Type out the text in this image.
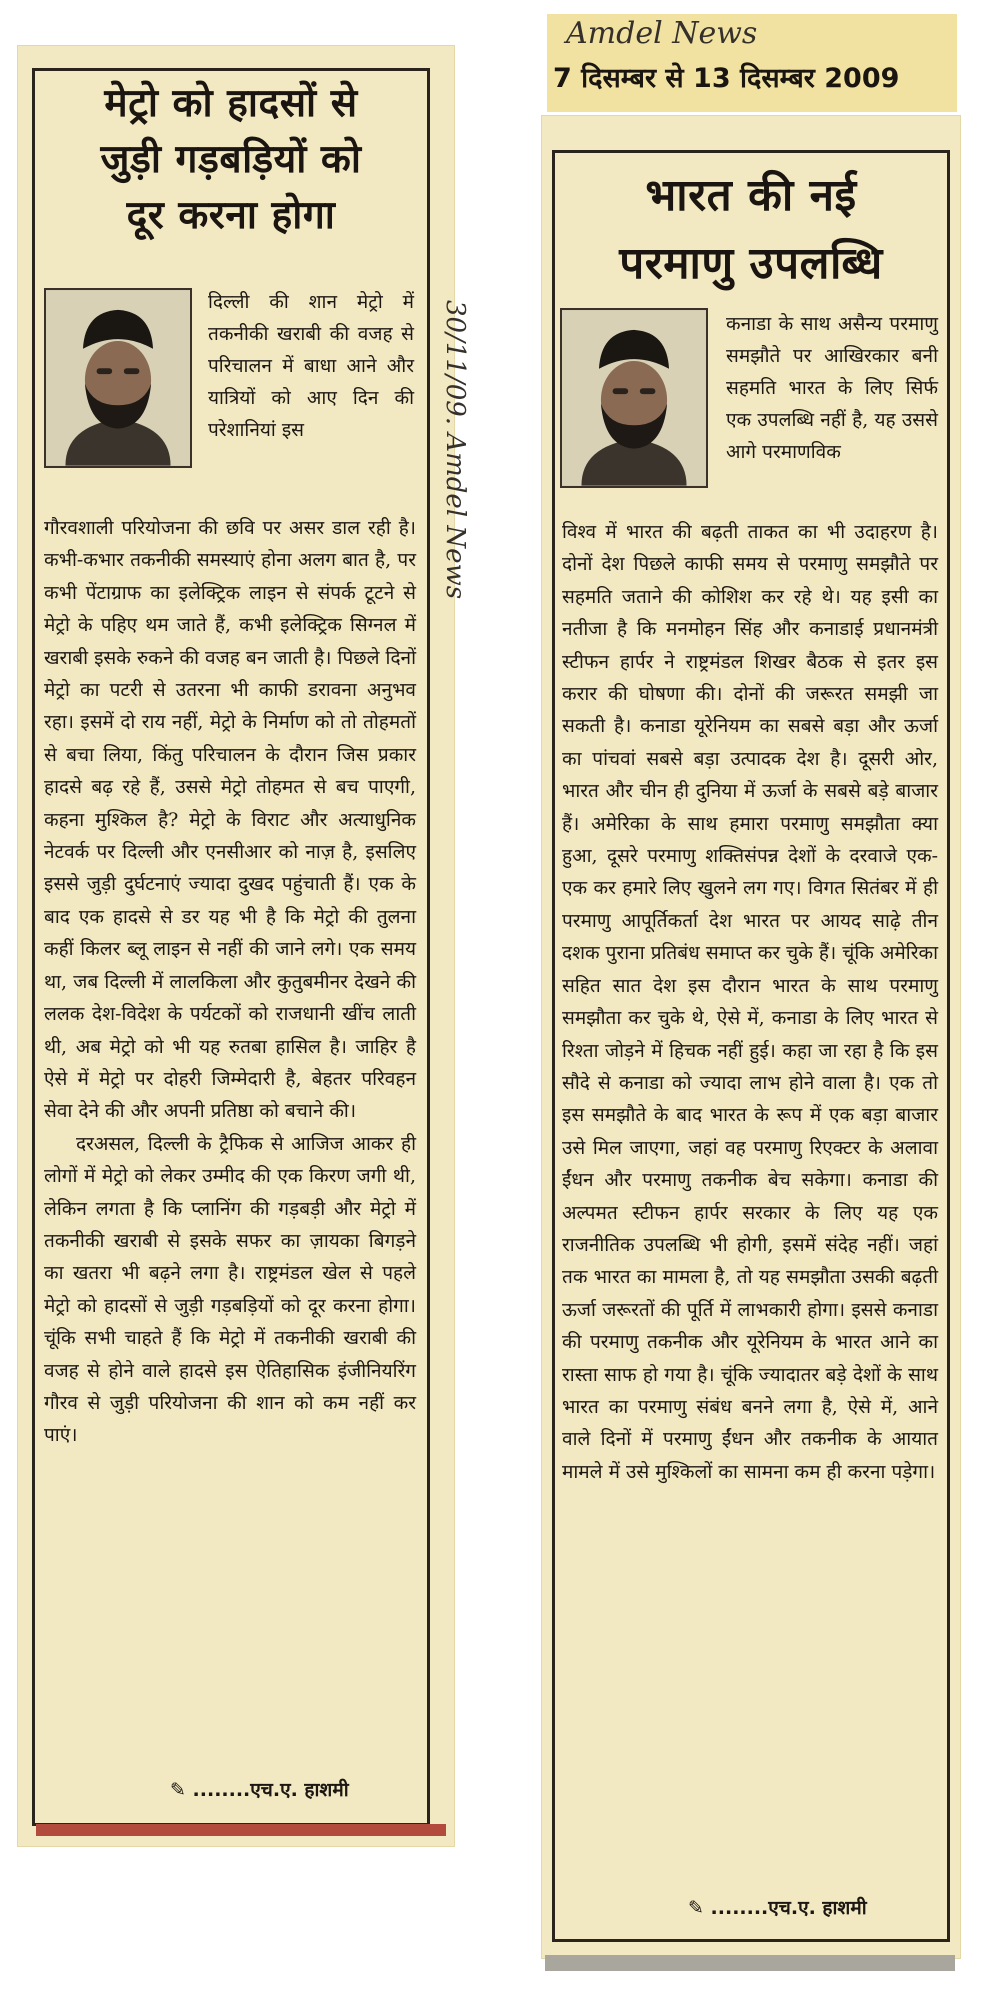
मेट्रो को हादसों से
जुड़ी गड़बड़ियों को
दूर करना होगा

दिल्ली की शान मेट्रो में तकनीकी खराबी की वजह से परिचालन में बाधा आने और यात्रियों को आए दिन की परेशानियां इस

गौरवशाली परियोजना की छवि पर असर डाल रही है। कभी-कभार तकनीकी समस्याएं होना अलग बात है, पर कभी पेंटाग्राफ का इलेक्ट्रिक लाइन से संपर्क टूटने से मेट्रो के पहिए थम जाते हैं, कभी इलेक्ट्रिक सिग्नल में खराबी इसके रुकने की वजह बन जाती है। पिछले दिनों मेट्रो का पटरी से उतरना भी काफी डरावना अनुभव रहा। इसमें दो राय नहीं, मेट्रो के निर्माण को तो तोहमतों से बचा लिया, किंतु परिचालन के दौरान जिस प्रकार हादसे बढ़ रहे हैं, उससे मेट्रो तोहमत से बच पाएगी, कहना मुश्किल है? मेट्रो के विराट और अत्याधुनिक नेटवर्क पर दिल्ली और एनसीआर को नाज़ है, इसलिए इससे जुड़ी दुर्घटनाएं ज्यादा दुखद पहुंचाती हैं। एक के बाद एक हादसे से डर यह भी है कि मेट्रो की तुलना कहीं किलर ब्लू लाइन से नहीं की जाने लगे। एक समय था, जब दिल्ली में लालकिला और कुतुबमीनर देखने की ललक देश-विदेश के पर्यटकों को राजधानी खींच लाती थी, अब मेट्रो को भी यह रुतबा हासिल है। जाहिर है ऐसे में मेट्रो पर दोहरी जिम्मेदारी है, बेहतर परिवहन सेवा देने की और अपनी प्रतिष्ठा को बचाने की।

दरअसल, दिल्ली के ट्रैफिक से आजिज आकर ही लोगों में मेट्रो को लेकर उम्मीद की एक किरण जगी थी, लेकिन लगता है कि प्लानिंग की गड़बड़ी और मेट्रो में तकनीकी खराबी से इसके सफर का ज़ायका बिगड़ने का खतरा भी बढ़ने लगा है। राष्ट्रमंडल खेल से पहले मेट्रो को हादसों से जुड़ी गड़बड़ियों को दूर करना होगा। चूंकि सभी चाहते हैं कि मेट्रो में तकनीकी खराबी की वजह से होने वाले हादसे इस ऐतिहासिक इंजीनियरिंग गौरव से जुड़ी परियोजना की शान को कम नहीं कर पाएं।

✎ ........एच.ए. हाशमी
30/11/09. Amdel News
Amdel News
7 दिसम्बर से 13 दिसम्बर 2009
भारत की नई
परमाणु उपलब्धि

कनाडा के साथ असैन्य परमाणु समझौते पर आखिरकार बनी सहमति भारत के लिए सिर्फ एक उपलब्धि नहीं है, यह उससे आगे परमाणविक

विश्व में भारत की बढ़ती ताकत का भी उदाहरण है। दोनों देश पिछले काफी समय से परमाणु समझौते पर सहमति जताने की कोशिश कर रहे थे। यह इसी का नतीजा है कि मनमोहन सिंह और कनाडाई प्रधानमंत्री स्टीफन हार्पर ने राष्ट्रमंडल शिखर बैठक से इतर इस करार की घोषणा की। दोनों की जरूरत समझी जा सकती है। कनाडा यूरेनियम का सबसे बड़ा और ऊर्जा का पांचवां सबसे बड़ा उत्पादक देश है। दूसरी ओर, भारत और चीन ही दुनिया में ऊर्जा के सबसे बड़े बाजार हैं। अमेरिका के साथ हमारा परमाणु समझौता क्या हुआ, दूसरे परमाणु शक्तिसंपन्न देशों के दरवाजे एक-एक कर हमारे लिए खुलने लग गए। विगत सितंबर में ही परमाणु आपूर्तिकर्ता देश भारत पर आयद साढ़े तीन दशक पुराना प्रतिबंध समाप्त कर चुके हैं। चूंकि अमेरिका सहित सात देश इस दौरान भारत के साथ परमाणु समझौता कर चुके थे, ऐसे में, कनाडा के लिए भारत से रिश्ता जोड़ने में हिचक नहीं हुई। कहा जा रहा है कि इस सौदे से कनाडा को ज्यादा लाभ होने वाला है। एक तो इस समझौते के बाद भारत के रूप में एक बड़ा बाजार उसे मिल जाएगा, जहां वह परमाणु रिएक्टर के अलावा ईंधन और परमाणु तकनीक बेच सकेगा। कनाडा की अल्पमत स्टीफन हार्पर सरकार के लिए यह एक राजनीतिक उपलब्धि भी होगी, इसमें संदेह नहीं। जहां तक भारत का मामला है, तो यह समझौता उसकी बढ़ती ऊर्जा जरूरतों की पूर्ति में लाभकारी होगा। इससे कनाडा की परमाणु तकनीक और यूरेनियम के भारत आने का रास्ता साफ हो गया है। चूंकि ज्यादातर बड़े देशों के साथ भारत का परमाणु संबंध बनने लगा है, ऐसे में, आने वाले दिनों में परमाणु ईंधन और तकनीक के आयात मामले में उसे मुश्किलों का सामना कम ही करना पड़ेगा।

✎ ........एच.ए. हाशमी
